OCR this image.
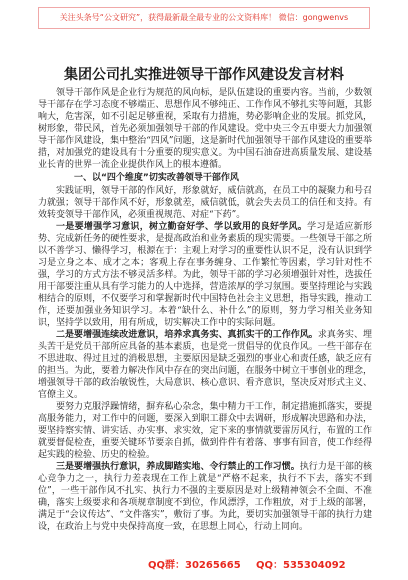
关注头条号“公文研究”，获得最新最全最专业的公文资料库！ 微信：gongwenvs
集团公司扎实推进领导干部作风建设发言材料

领导干部作风是企业行为规范的风向标，是队伍建设的重要内容。当前，少数领导干部存在学习态度不够端正、思想作风不够纯正、工作作风不够扎实等问题，其影响大，危害深，如不引起足够重视，采取有力措施，势必影响企业的发展。抓党风，树形象，带民风，首先必须加强领导干部的作风建设。党中央三令五申要大力加强领导干部作风建设，集中整治“四风”问题，这是新时代加强领导干部作风建设的重要举措，对加强党的建设具有十分重要的现实意义。为中国石油奋进高质量发展、建设基业长青的世界一流企业提供作风上的根本遵循。

一、以“四个维度”切实改善领导干部作风

实践证明，领导干部的作风好，形象就好，威信就高，在员工中的凝聚力和号召力就强；领导干部作风不好，形象就差，威信就低，就会失去员工的信任和支持。有效转变领导干部作风，必须重视规范、对症“下药”。

一是要增强学习意识，树立勤奋好学、学以致用的良好学风。学习是适应新形势、完成新任务的硬性要求，是提高政治和业务素质的现实需要。一些领导干部之所以不善学习、懒得学习，根源在于：主观上对学习的重要性认识不足，没有认识到学习是立身之本、成才之本；客观上存在事务缠身、工作繁忙等因素，学习针对性不强，学习的方式方法不够灵活多样。为此，领导干部的学习必须增强针对性，选拔任用干部要注重从具有学习能力的人中选择，营造浓厚的学习氛围。要坚持理论与实践相结合的原则，不仅要学习和掌握新时代中国特色社会主义思想，指导实践，推动工作，还要加强业务知识学习。本着“缺什么、补什么”的原则，努力学习相关业务知识，坚持学以致用，用有所成，切实解决工作中的实际问题。

二是要增强连续改进意识，培养求真务实、真抓实干的工作作风。求真务实、埋头苦干是党员干部所应具备的基本素质，也是党一贯倡导的优良作风。一些干部存在不思进取、得过且过的消极思想，主要原因是缺乏强烈的事业心和责任感，缺乏应有的担当。为此，要着力解决作风中存在的突出问题，在服务中树立干事创业的理念，增强领导干部的政治敏锐性，大局意识、核心意识、看齐意识，坚决反对形式主义、官僚主义。

要努力克服浮躁情绪，摒弃私心杂念，集中精力干工作，制定措施抓落实，要提高服务能力，对工作中的问题，要深入到职工群众中去调研，形成解决思路和办法，要坚持察实情、讲实话、办实事、求实效，定下来的事情就要雷厉风行，布置的工作就要督促检查，重要关键环节要亲自抓，做到件件有着落、事事有回音，使工作经得起实践的检验、历史的检验。

三是要增强执行意识，养成脚踏实地、令行禁止的工作习惯。执行力是干部的核心竞争力之一，执行力差表现在工作上就是“严格不起来，执行不下去，落实不到位”，一些干部作风不扎实、执行力不强的主要原因是对上级精神领会不全面、不准确，落实上级要求和各项规章制度不到位，作风漂浮，工作粗放，对于上级的部署，满足于“会议传达”、“文件落实”，敷衍了事。为此，要切实加强领导干部的执行力建设，在政治上与党中央保持高度一致，在思想上同心，行动上同向。

QQ群：30265665 QQ：535304092
